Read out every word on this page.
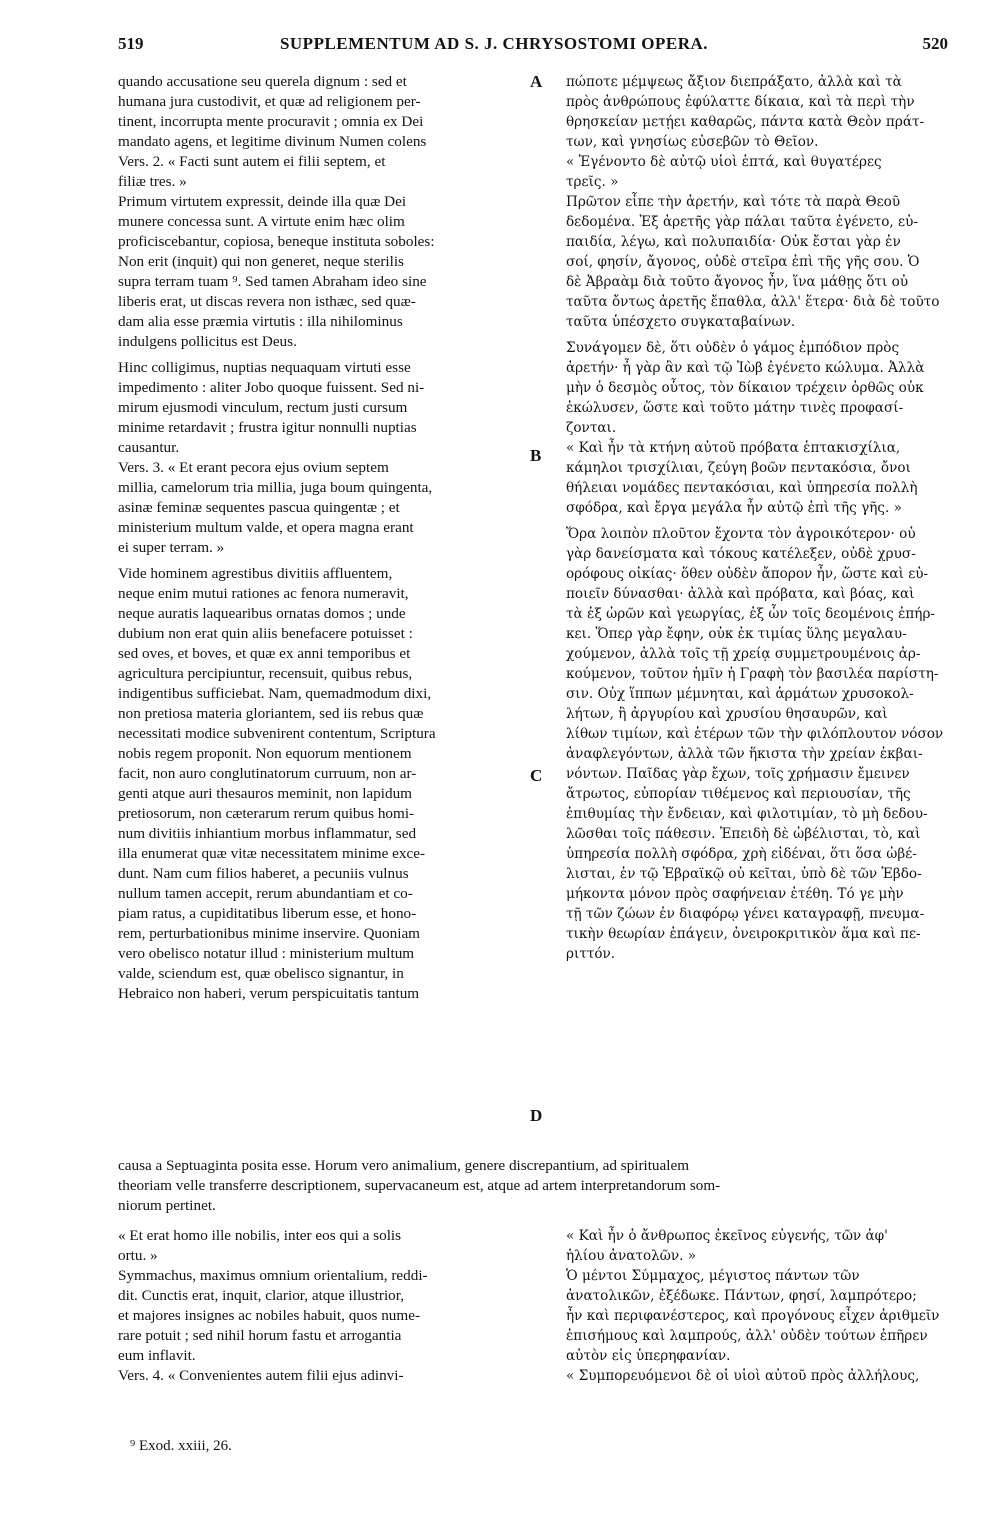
519	SUPPLEMENTUM AD S. J. CHRYSOSTOMI OPERA.	520
quando accusatione seu querela dignum : sed et
humana jura custodivit, et quæ ad religionem per-
tinent, incorrupta mente procuravit ; omnia ex Dei
mandato agens, et legitime divinum Numen colens
Vers. 2. « Facti sunt autem ei filii septem, et
filiæ tres. »
Primum virtutem expressit, deinde illa quæ Dei
munere concessa sunt. A virtute enim hæc olim
proficiscebantur, copiosa, beneque instituta soboles:
Non erit (inquit) qui non generet, neque sterilis
supra terram tuam ⁹. Sed tamen Abraham ideo sine
liberis erat, ut discas revera non isthæc, sed quæ-
dam alia esse præmia virtutis : illa nihilominus
indulgens pollicitus est Deus.
Hinc colligimus, nuptias nequaquam virtuti esse
impedimento : aliter Jobo quoque fuissent. Sed ni-
mirum ejusmodi vinculum, rectum justi cursum
minime retardavit ; frustra igitur nonnulli nuptias
causantur.
Vers. 3. « Et erant pecora ejus ovium septem
millia, camelorum tria millia, juga boum quingenta,
asinæ feminæ sequentes pascua quingentæ ; et
ministerium multum valde, et opera magna erant
ei super terram. »
Vide hominem agrestibus divitiis affluentem,
neque enim mutui rationes ac fenora numeravit,
neque auratis laquearibus ornatas domos ; unde
dubium non erat quin aliis benefacere potuisset :
sed oves, et boves, et quæ ex anni temporibus et
agricultura percipiuntur, recensuit, quibus rebus,
indigentibus sufficiebat. Nam, quemadmodum dixi,
non pretiosa materia gloriantem, sed iis rebus quæ
necessitati modice subvenirent contentum, Scriptura
nobis regem proponit. Non equorum mentionem
facit, non auro conglutinatorum curruum, non ar-
genti atque auri thesauros meminit, non lapidum
pretiosorum, non cæterarum rerum quibus homi-
num divitiis inhiantium morbus inflammatur, sed
illa enumerat quæ vitæ necessitatem minime exce-
dunt. Nam cum filios haberet, a pecuniis vulnus
nullum tamen accepit, rerum abundantiam et co-
piam ratus, a cupiditatibus liberum esse, et hono-
rem, perturbationibus minime inservire. Quoniam
vero obelisco notatur illud : ministerium multum
valde, sciendum est, quæ obelisco signantur, in
Hebraico non haberi, verum perspicuitatis tantum
πώποτε μέμψεως ἄξιον διεπράξατο, ἀλλὰ καὶ τὰ
πρὸς ἀνθρώπους ἐφύλαττε δίκαια, καὶ τὰ περὶ τὴν
θρησκείαν μετῄει καθαρῶς, πάντα κατὰ Θεὸν πράτ-
των, καὶ γνησίως εὐσεβῶν τὸ Θεῖον.
« Ἐγένοντο δὲ αὐτῷ υἱοὶ ἑπτά, καὶ θυγατέρες
τρεῖς. »
Πρῶτον εἶπε τὴν ἀρετήν, καὶ τότε τὰ παρὰ Θεοῦ
δεδομένα. Ἐξ ἀρετῆς γὰρ πάλαι ταῦτα ἐγένετο, εὐ-
παιδία, λέγω, καὶ πολυπαιδία· Οὐκ ἔσται γὰρ ἐν
σοί, φησίν, ἄγονος, οὐδὲ στεῖρα ἐπὶ τῆς γῆς σου. Ὁ
δὲ Ἀβραὰμ διὰ τοῦτο ἄγονος ἦν, ἵνα μάθῃς ὅτι οὐ
ταῦτα ὄντως ἀρετῆς ἔπαθλα, ἀλλ' ἕτερα· διὰ δὲ τοῦτο
ταῦτα ὑπέσχετο συγκαταβαίνων.
Συνάγομεν δὲ, ὅτι οὐδὲν ὁ γάμος ἐμπόδιον πρὸς
ἀρετήν· ἦ γὰρ ἂν καὶ τῷ Ἰὼβ ἐγένετο κώλυμα. Ἀλλὰ
μὴν ὁ δεσμὸς οὗτος, τὸν δίκαιον τρέχειν ὀρθῶς οὐκ
ἐκώλυσεν, ὥστε καὶ τοῦτο μάτην τινὲς προφασί-
ζονται.
« Καὶ ἦν τὰ κτήνη αὐτοῦ πρόβατα ἑπτακισχίλια,
κάμηλοι τρισχίλιαι, ζεύγη βοῶν πεντακόσια, ὄνοι
θήλειαι νομάδες πεντακόσιαι, καὶ ὑπηρεσία πολλὴ
σφόδρα, καὶ ἔργα μεγάλα ἦν αὐτῷ ἐπὶ τῆς γῆς. »
Ὅρα λοιπὸν πλοῦτον ἔχοντα τὸν ἀγροικότερον· οὐ
γὰρ δανείσματα καὶ τόκους κατέλεξεν, οὐδὲ χρυσ-
ορόφους οἰκίας· ὅθεν οὐδὲν ἄπορον ἦν, ὥστε καὶ εὐ-
ποιεῖν δύνασθαι· ἀλλὰ καὶ πρόβατα, καὶ βόας, καὶ
τὰ ἐξ ὡρῶν καὶ γεωργίας, ἐξ ὧν τοῖς δεομένοις ἐπήρ-
κει. Ὅπερ γὰρ ἔφην, οὐκ ἐκ τιμίας ὕλης μεγαλαυ-
χούμενον, ἀλλὰ τοῖς τῇ χρείᾳ συμμετρουμένοις ἀρ-
κούμενον, τοῦτον ἡμῖν ἡ Γραφὴ τὸν βασιλέα παρίστη-
σιν. Οὐχ ἵππων μέμνηται, καὶ ἁρμάτων χρυσοκολ-
λήτων, ἢ ἀργυρίου καὶ χρυσίου θησαυρῶν, καὶ
λίθων τιμίων, καὶ ἑτέρων τῶν τὴν φιλόπλουτον νόσον
ἀναφλεγόντων, ἀλλὰ τῶν ἥκιστα τὴν χρείαν ἐκβαι-
νόντων. Παῖδας γὰρ ἔχων, τοῖς χρήμασιν ἔμεινεν
ἄτρωτος, εὐπορίαν τιθέμενος καὶ περιουσίαν, τῆς
ἐπιθυμίας τὴν ἔνδειαν, καὶ φιλοτιμίαν, τὸ μὴ δεδου-
λῶσθαι τοῖς πάθεσιν. Ἐπειδὴ δὲ ὠβέλισται, τὸ, καὶ
ὑπηρεσία πολλὴ σφόδρα, χρὴ εἰδέναι, ὅτι ὅσα ὠβέ-
λισται, ἐν τῷ Ἑβραϊκῷ οὐ κεῖται, ὑπὸ δὲ τῶν Ἑβδο-
μήκοντα μόνον πρὸς σαφήνειαν ἐτέθη. Τό γε μὴν
τῇ τῶν ζώων ἐν διαφόρῳ γένει καταγραφῇ, πνευμα-
τικὴν θεωρίαν ἐπάγειν, ὀνειροκριτικὸν ἅμα καὶ πε-
ριττόν.
A
B
C
D
causa a Septuaginta posita esse. Horum vero animalium, genere discrepantium, ad spiritualem
theoriam velle transferre descriptionem, supervacaneum est, atque ad artem interpretandorum som-
niorum pertinet.
« Et erat homo ille nobilis, inter eos qui a solis
ortu. »
Symmachus, maximus omnium orientalium, reddi-
dit. Cunctis erat, inquit, clarior, atque illustrior,
et majores insignes ac nobiles habuit, quos nume-
rare potuit ; sed nihil horum fastu et arrogantia
eum inflavit.
Vers. 4. « Convenientes autem filii ejus adinvi-
« Καὶ ἦν ὁ ἄνθρωπος ἐκεῖνος εὐγενής, τῶν ἀφ'
ἡλίου ἀνατολῶν. »
Ὁ μέντοι Σύμμαχος, μέγιστος πάντων τῶν
ἀνατολικῶν, ἐξέδωκε. Πάντων, φησί, λαμπρότερο;
ἦν καὶ περιφανέστερος, καὶ προγόνους εἶχεν ἀριθμεῖν
ἐπισήμους καὶ λαμπρούς, ἀλλ' οὐδὲν τούτων ἐπῆρεν
αὐτὸν εἰς ὑπερηφανίαν.
« Συμπορευόμενοι δὲ οἱ υἱοὶ αὐτοῦ πρὸς ἀλλήλους,
⁹ Exod. xxiii, 26.
